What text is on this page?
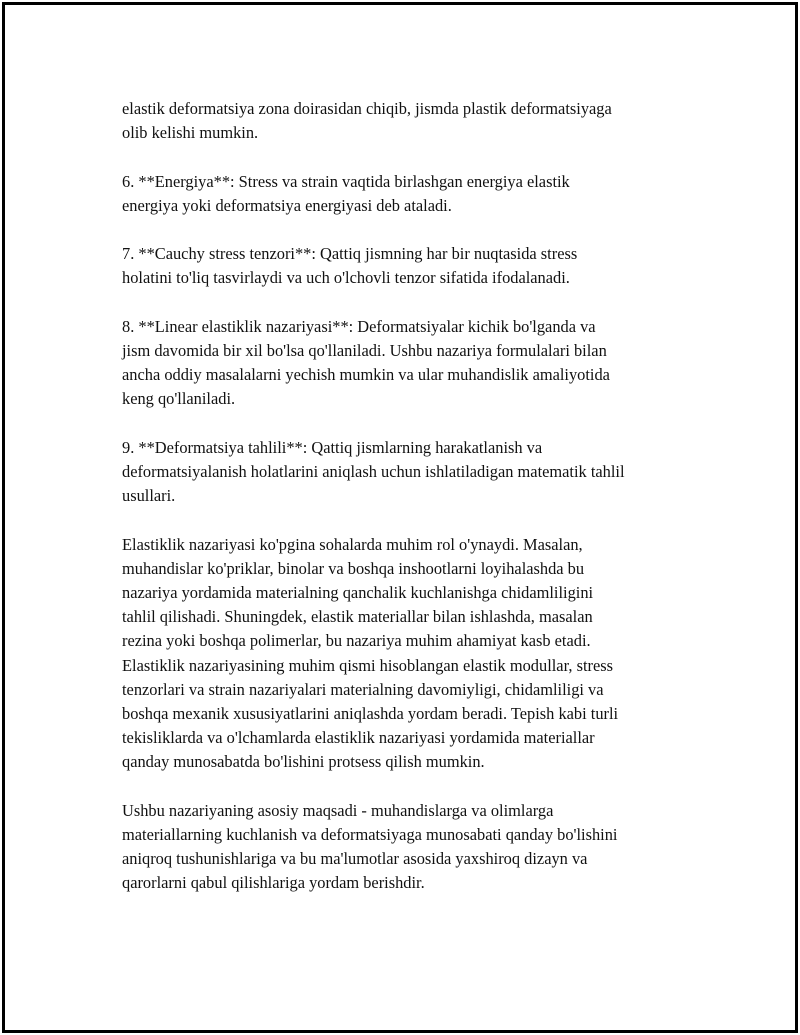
elastik deformatsiya zona doirasidan chiqib, jismda plastik deformatsiyaga
olib kelishi mumkin.

6. **Energiya**: Stress va strain vaqtida birlashgan energiya elastik
energiya yoki deformatsiya energiyasi deb ataladi.

7. **Cauchy stress tenzori**: Qattiq jismning har bir nuqtasida stress
holatini to'liq tasvirlaydi va uch o'lchovli tenzor sifatida ifodalanadi.

8. **Linear elastiklik nazariyasi**: Deformatsiyalar kichik bo'lganda va
jism davomida bir xil bo'lsa qo'llaniladi. Ushbu nazariya formulalari bilan
ancha oddiy masalalarni yechish mumkin va ular muhandislik amaliyotida
keng qo'llaniladi.

9. **Deformatsiya tahlili**: Qattiq jismlarning harakatlanish va
deformatsiyalanish holatlarini aniqlash uchun ishlatiladigan matematik tahlil
usullari.

Elastiklik nazariyasi ko'pgina sohalarda muhim rol o'ynaydi. Masalan,
muhandislar ko'priklar, binolar va boshqa inshootlarni loyihalashda bu
nazariya yordamida materialning qanchalik kuchlanishga chidamliligini
tahlil qilishadi. Shuningdek, elastik materiallar bilan ishlashda, masalan
rezina yoki boshqa polimerlar, bu nazariya muhim ahamiyat kasb etadi.
Elastiklik nazariyasining muhim qismi hisoblangan elastik modullar, stress
tenzorlari va strain nazariyalari materialning davomiyligi, chidamliligi va
boshqa mexanik xususiyatlarini aniqlashda yordam beradi. Tepish kabi turli
tekisliklarda va o'lchamlarda elastiklik nazariyasi yordamida materiallar
qanday munosabatda bo'lishini protsess qilish mumkin.

Ushbu nazariyaning asosiy maqsadi - muhandislarga va olimlarga
materiallarning kuchlanish va deformatsiyaga munosabati qanday bo'lishini
aniqroq tushunishlariga va bu ma'lumotlar asosida yaxshiroq dizayn va
qarorlarni qabul qilishlariga yordam berishdir.
